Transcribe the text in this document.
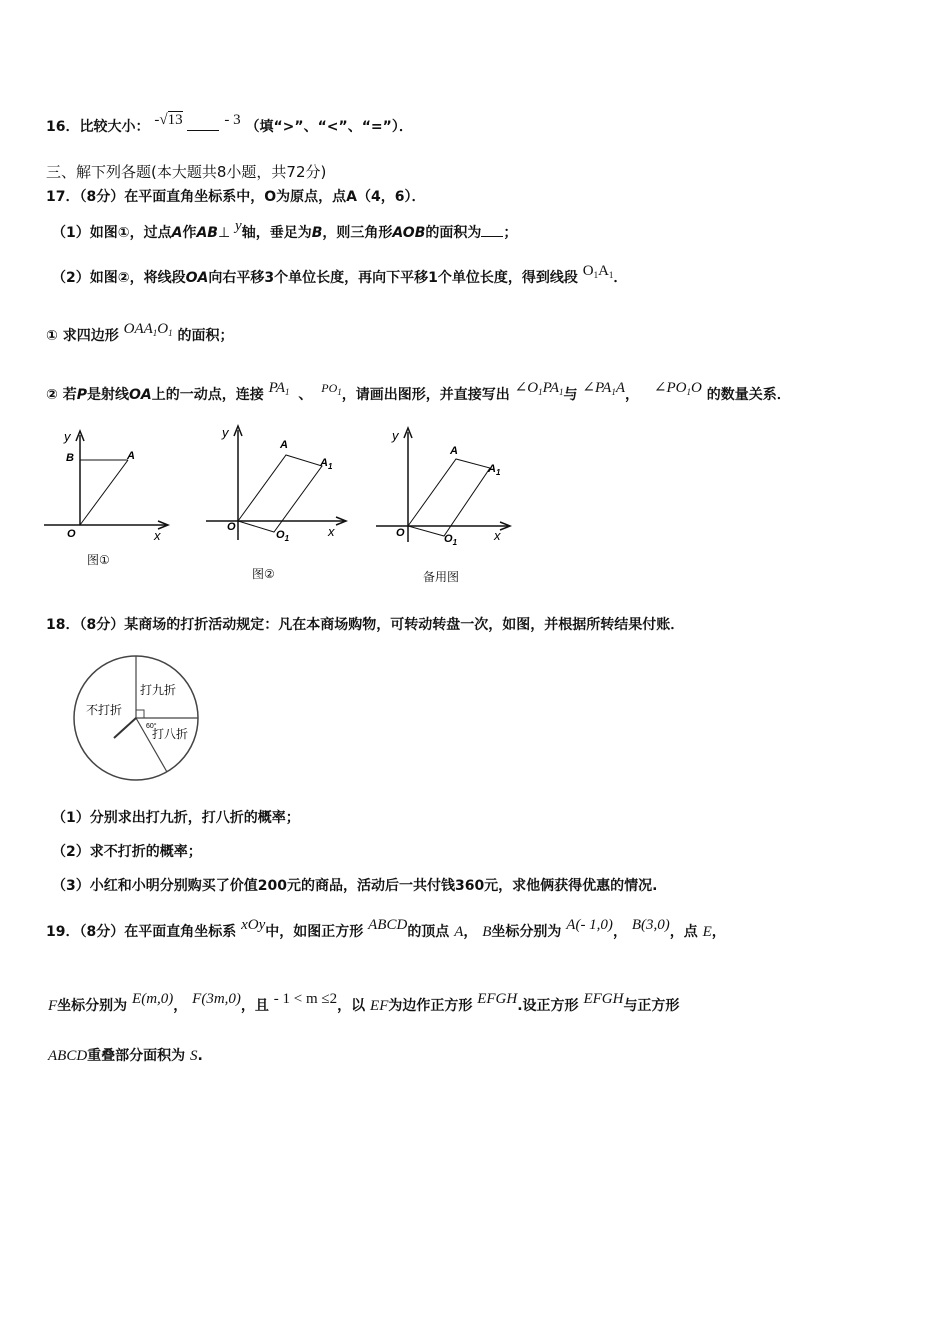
16．比较大小： -√13	- 3 （填“>”、“<”、“=”）．
三、解下列各题(本大题共8小题，共72分)
17．（8分）在平面直角坐标系中，O为原点，点A（4，6）．
（1）如图①，过点A作AB⊥ y轴，垂足为B，则三角形AOB的面积为 ；
（2）如图②，将线段OA向右平移3个单位长度，再向下平移1个单位长度，得到线段 $O_1A_1$．
① 求四边形 $OAA_1O_1$ 的面积；
② 若P是射线OA上的一动点，连接 $PA_1$ 、 $PO_1$，请画出图形，并直接写出 $\angle O_1PA_1$与 $\angle PA_1A$， $\angle PO_1O$ 的数量关系．
y
B	A
O	x
图①
y
A
$A_1$
O
$O_1$	x
图②
y
A
$A_1$
O	$O_1$	x
备用图
18．（8分）某商场的打折活动规定：凡在本商场购物，可转动转盘一次，如图，并根据所转结果付账．
打九折
不打折
打八折
60°
（1）分别求出打九折，打八折的概率；
（2）求不打折的概率；
（3）小红和小明分别购买了价值200元的商品，活动后一共付钱360元，求他俩获得优惠的情况.
19．（8分）在平面直角坐标系 xOy中，如图正方形 ABCD的顶点 A， B坐标分别为 A(- 1,0)， B(3,0)，点 E，
F坐标分别为 E(m,0)， F(3m,0)，且 - 1 < m ≤2，以 EF为边作正方形 EFGH.设正方形 EFGH与正方形
ABCD重叠部分面积为 S.
